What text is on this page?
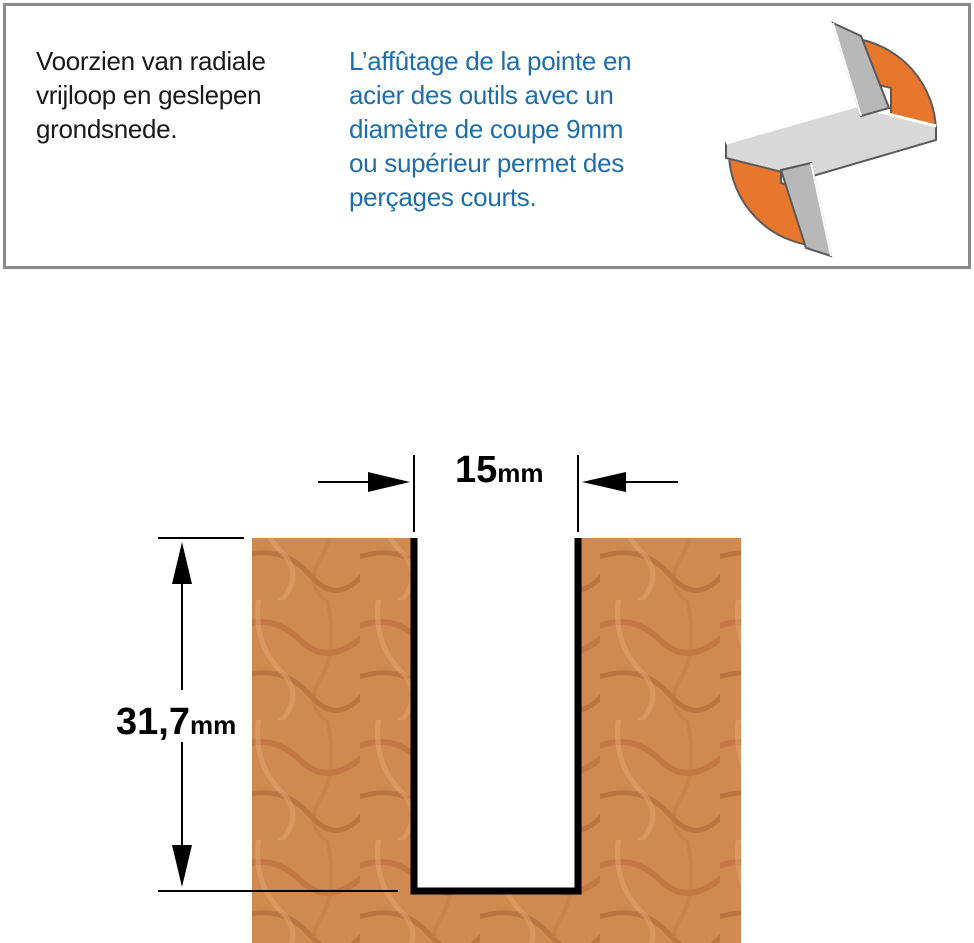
Voorzien van radiale
vrijloop en geslepen
grondsnede.
L’affûtage de la pointe en
acier des outils avec un
diamètre de coupe 9mm
ou supérieur permet des
perçages courts.
15mm
31,7mm
